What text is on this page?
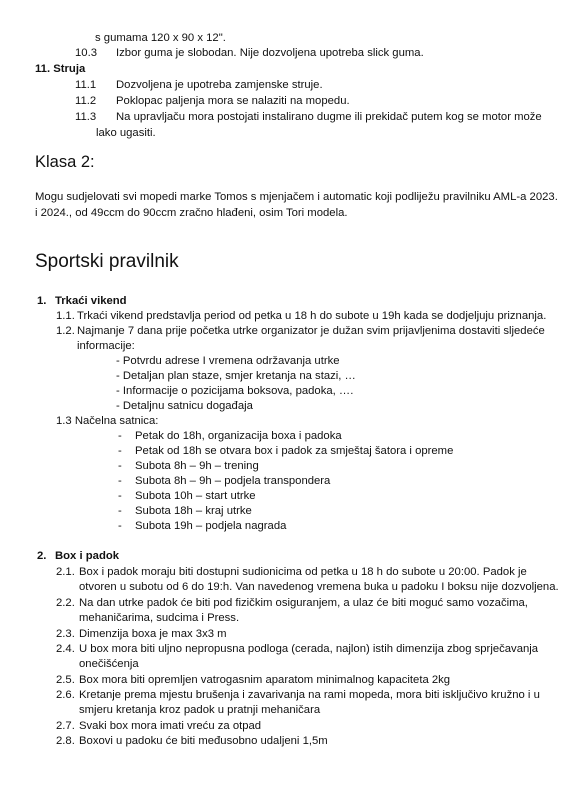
s gumama 120 x 90 x 12".
10.3 Izbor guma je slobodan. Nije dozvoljena upotreba slick guma.
11. Struja
11.1 Dozvoljena je upotreba zamjenske struje.
11.2 Poklopac paljenja mora se nalaziti na mopedu.
11.3 Na upravljaču mora postojati instalirano dugme ili prekidač putem kog se motor može
lako ugasiti.
Klasa 2:
Mogu sudjelovati svi mopedi marke Tomos s mjenjačem i automatic koji podliježu pravilniku AML-a 2023.
i 2024., od 49ccm do 90ccm zračno hlađeni, osim Tori modela.
Sportski pravilnik
1. Trkaći vikend
1.1. Trkaći vikend predstavlja period od petka u 18 h do subote u 19h kada se dodjeljuju priznanja.
1.2. Najmanje 7 dana prije početka utrke organizator je dužan svim prijavljenima dostaviti sljedeće
informacije:
- Potvrdu adrese I vremena održavanja utrke
- Detaljan plan staze, smjer kretanja na stazi, …
- Informacije o pozicijama boksova, padoka, ….
- Detaljnu satnicu događaja
1.3 Načelna satnica:
- Petak do 18h, organizacija boxa i padoka
- Petak od 18h se otvara box i padok za smještaj šatora i opreme
- Subota 8h – 9h – trening
- Subota 8h – 9h – podjela transpondera
- Subota 10h – start utrke
- Subota 18h – kraj utrke
- Subota 19h – podjela nagrada
2. Box i padok
2.1. Box i padok moraju biti dostupni sudionicima od petka u 18 h do subote u 20:00. Padok je
otvoren u subotu od 6 do 19:h. Van navedenog vremena buka u padoku I boksu nije dozvoljena.
2.2. Na dan utrke padok će biti pod fizičkim osiguranjem, a ulaz će biti moguć samo vozačima,
mehaničarima, sudcima i Press.
2.3. Dimenzija boxa je max 3x3 m
2.4. U box mora biti uljno nepropusna podloga (cerada, najlon) istih dimenzija zbog sprječavanja
onečišćenja
2.5. Box mora biti opremljen vatrogasnim aparatom minimalnog kapaciteta 2kg
2.6. Kretanje prema mjestu brušenja i zavarivanja na rami mopeda, mora biti isključivo kružno i u
smjeru kretanja kroz padok u pratnji mehaničara
2.7. Svaki box mora imati vreću za otpad
2.8. Boxovi u padoku će biti međusobno udaljeni 1,5m
